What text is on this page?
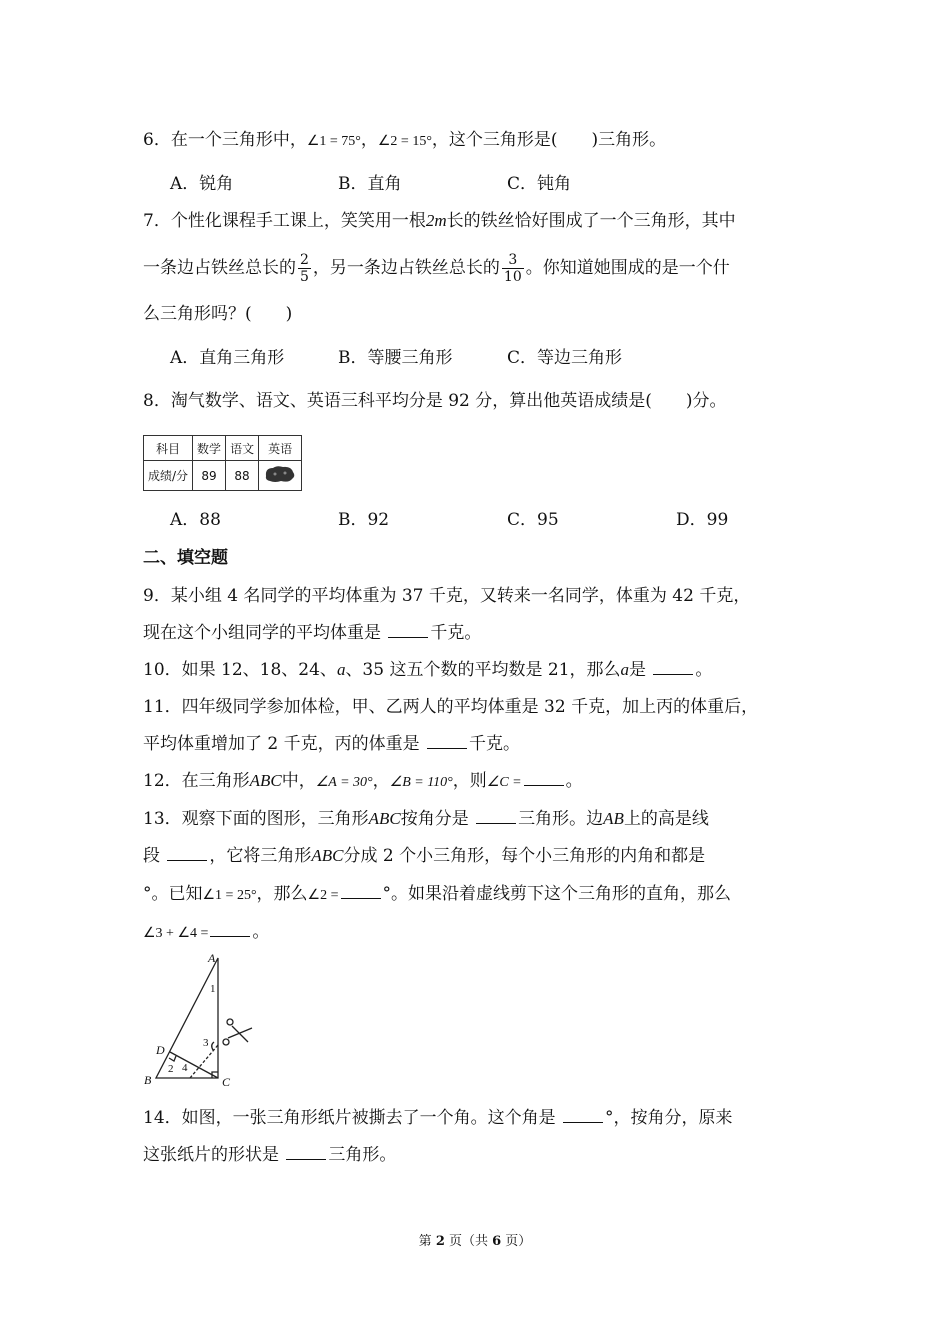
6．在一个三角形中，∠1 = 75°，∠2 = 15°，这个三角形是(　　)三角形。
A．锐角	B．直角	C．钝角
7．个性化课程手工课上，笑笑用一根2m长的铁丝恰好围成了一个三角形，其中
一条边占铁丝总长的 $\frac{2}{5}$ ，另一条边占铁丝总长的 $\frac{3}{10}$ 。你知道她围成的是一个什
么三角形吗？(　　)
A．直角三角形	B．等腰三角形	C．等边三角形
8．淘气数学、语文、英语三科平均分是 92 分，算出他英语成绩是(　　)分。
科目	数学	语文	英语
成绩/分	89	88	
A．88	B．92	C．95	D．99
二、填空题
9．某小组 4 名同学的平均体重为 37 千克，又转来一名同学，体重为 42 千克，
现在这个小组同学的平均体重是	千克。
10．如果 12、18、24、a、35 这五个数的平均数是 21，那么a是	。
11．四年级同学参加体检，甲、乙两人的平均体重是 32 千克，加上丙的体重后，
平均体重增加了 2 千克，丙的体重是	千克。
12．在三角形ABC中，∠A = 30°，∠B = 110°，则∠C =	。
13．观察下面的图形，三角形ABC按角分是	三角形。边AB上的高是线
段	，它将三角形ABC分成 2 个小三角形，每个小三角形的内角和都是
°。已知∠1 = 25°，那么∠2 =	°。如果沿着虚线剪下这个三角形的直角，那么
∠3 + ∠4 =	。
A
B	C
D
1
2
3
4
14．如图，一张三角形纸片被撕去了一个角。这个角是	°，按角分，原来
这张纸片的形状是	三角形。
第 2 页（共 6 页）
